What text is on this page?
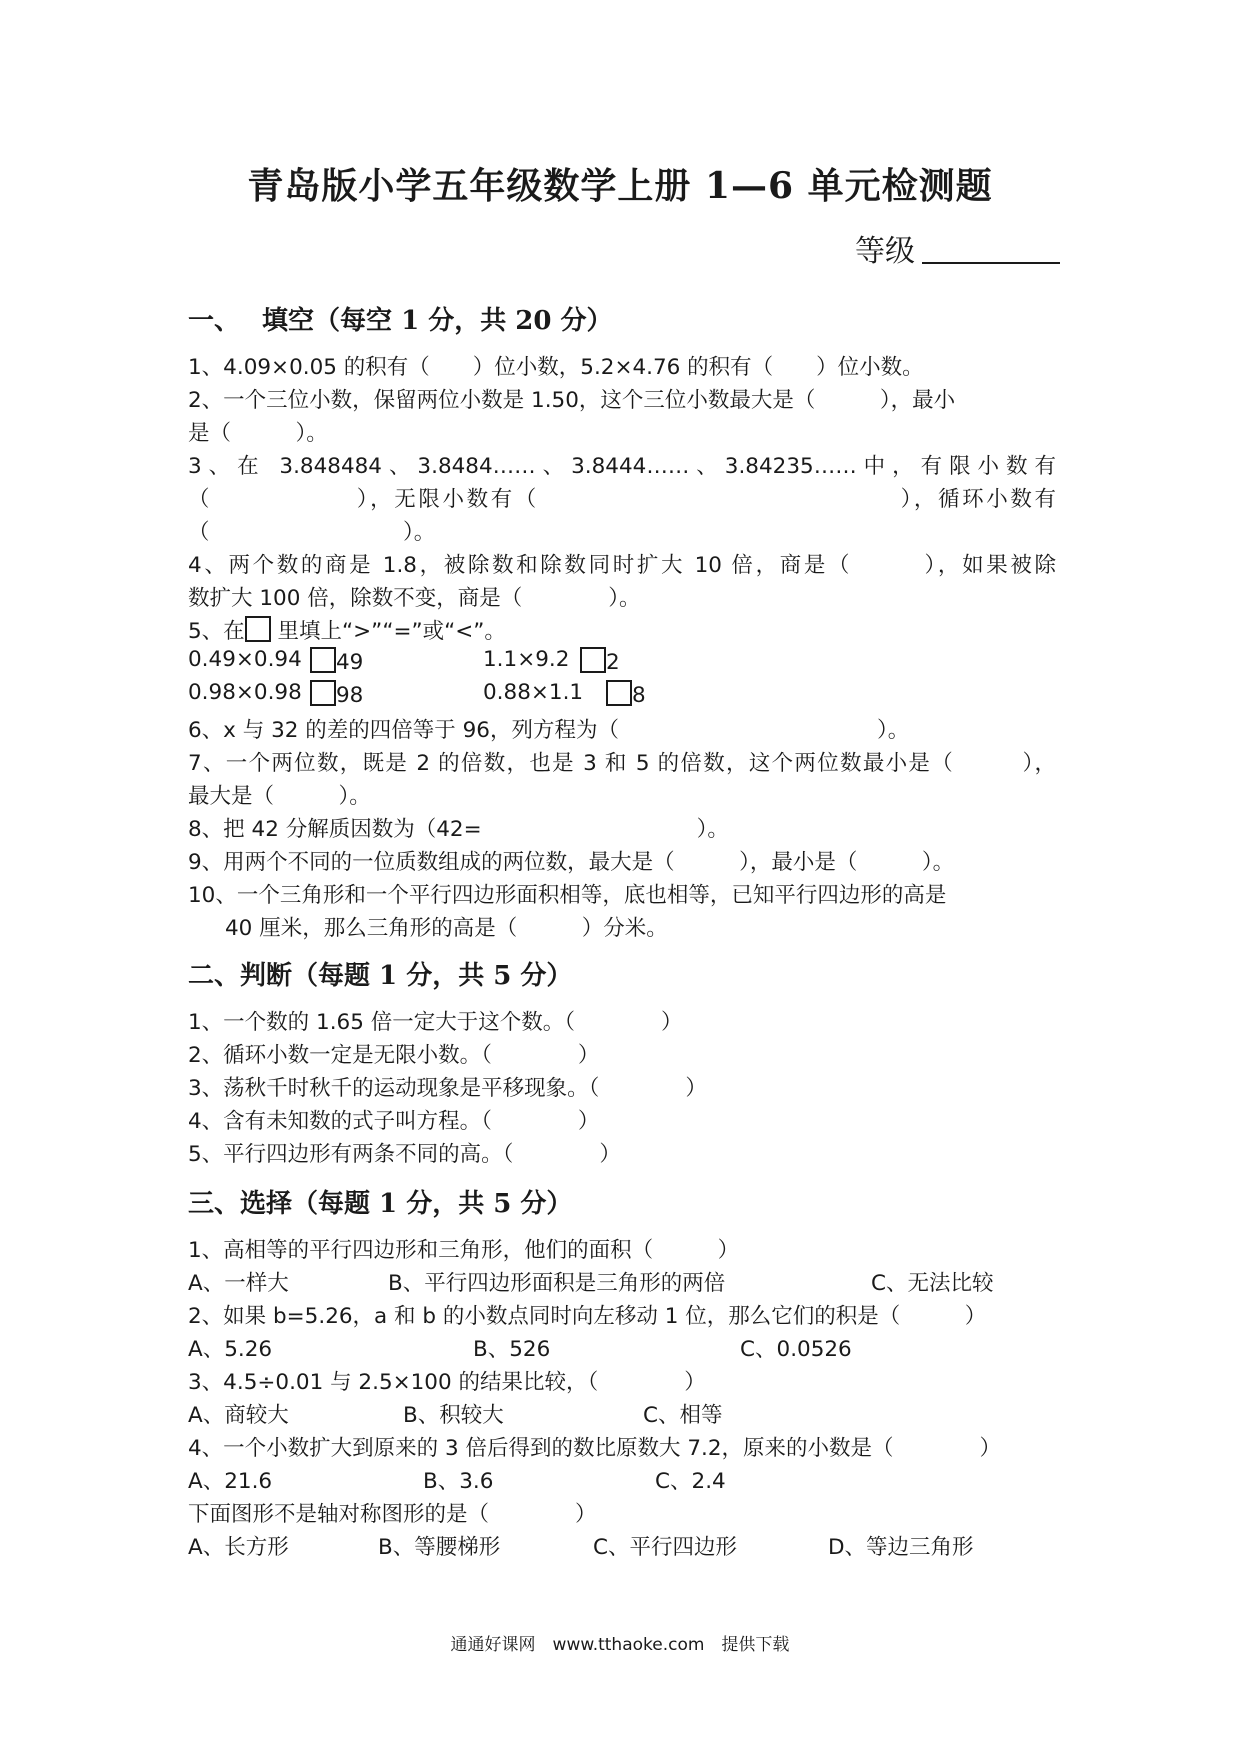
青岛版小学五年级数学上册 1—6 单元检测题
等级
一、　 填空（每空 1 分，共 20 分）
1、4.09×0.05 的积有（　　）位小数，5.2×4.76 的积有（　　）位小数。
2、一个三位小数，保留两位小数是 1.50，这个三位小数最大是（　　　），最小
是（　　　）。
3、在 3.848484、3.8484……、3.8444……、3.84235……中，有限小数有
（　　　　　　），无限小数有（　　　　　　　　　　　　　　　），循环小数有
（　　　　　　　　　）。
4、两个数的商是 1.8，被除数和除数同时扩大 10 倍，商是（　　　），如果被除
数扩大 100 倍，除数不变，商是（　　　　）。
5、在 里填上“>”“=”或“<”。
0.49×0.94	49	1.1×9.2	2
0.98×0.98	98	0.88×1.1	8
6、x 与 32 的差的四倍等于 96，列方程为（　　　　　　　　　　　　）。
7、一个两位数，既是 2 的倍数，也是 3 和 5 的倍数，这个两位数最小是（　　　），
最大是（　　　）。
8、把 42 分解质因数为（42=　　　　　　　　　　）。
9、用两个不同的一位质数组成的两位数，最大是（　　　），最小是（　　　）。
10、一个三角形和一个平行四边形面积相等，底也相等，已知平行四边形的高是
40 厘米，那么三角形的高是（　　　）分米。
二、判断（每题 1 分，共 5 分）
1、一个数的 1.65 倍一定大于这个数。（　　　　）
2、循环小数一定是无限小数。（　　　　）
3、荡秋千时秋千的运动现象是平移现象。（　　　　）
4、含有未知数的式子叫方程。（　　　　）
5、平行四边形有两条不同的高。（　　　　）
三、选择（每题 1 分，共 5 分）
1、高相等的平行四边形和三角形，他们的面积（　　　）
A、一样大	B、平行四边形面积是三角形的两倍	C、无法比较
2、如果 b=5.26，a 和 b 的小数点同时向左移动 1 位，那么它们的积是（　　　）
A、5.26	B、526	C、0.0526
3、4.5÷0.01 与 2.5×100 的结果比较，（　　　　）
A、商较大	B、积较大	C、相等
4、一个小数扩大到原来的 3 倍后得到的数比原数大 7.2，原来的小数是（　　　　）
A、21.6	B、3.6	C、2.4
下面图形不是轴对称图形的是（　　　　）
A、长方形	B、等腰梯形	C、平行四边形	D、等边三角形
通通好课网　www.tthaoke.com　提供下载
